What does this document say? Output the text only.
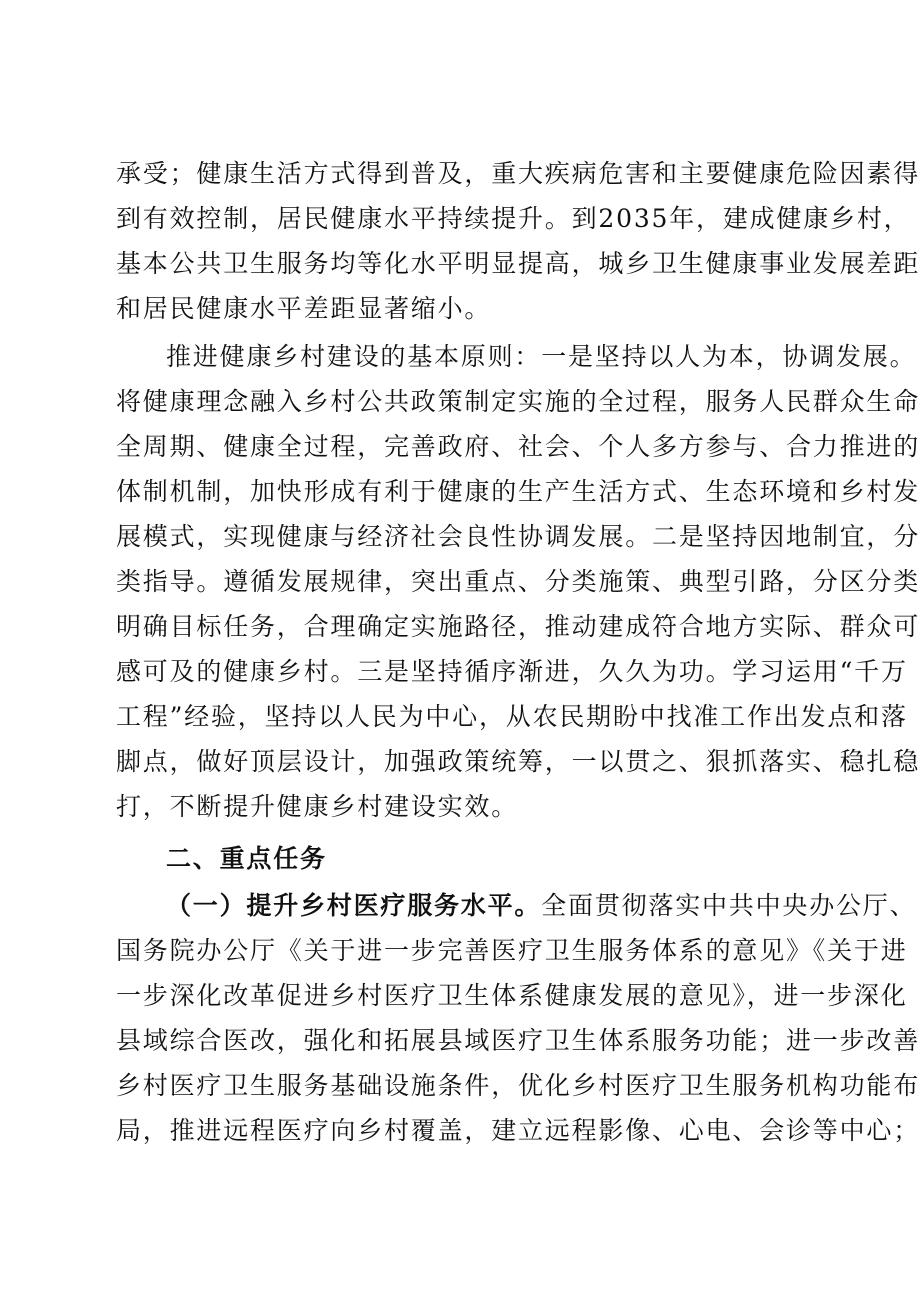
承受；健康生活方式得到普及，重大疾病危害和主要健康危险因素得
到有效控制，居民健康水平持续提升。到2035年，建成健康乡村，
基本公共卫生服务均等化水平明显提高，城乡卫生健康事业发展差距
和居民健康水平差距显著缩小。
推进健康乡村建设的基本原则：一是坚持以人为本，协调发展。
将健康理念融入乡村公共政策制定实施的全过程，服务人民群众生命
全周期、健康全过程，完善政府、社会、个人多方参与、合力推进的
体制机制，加快形成有利于健康的生产生活方式、生态环境和乡村发
展模式，实现健康与经济社会良性协调发展。二是坚持因地制宜，分
类指导。遵循发展规律，突出重点、分类施策、典型引路，分区分类
明确目标任务，合理确定实施路径，推动建成符合地方实际、群众可
感可及的健康乡村。三是坚持循序渐进，久久为功。学习运用“千万
工程”经验，坚持以人民为中心，从农民期盼中找准工作出发点和落
脚点，做好顶层设计，加强政策统筹，一以贯之、狠抓落实、稳扎稳
打，不断提升健康乡村建设实效。
二、重点任务
（一）提升乡村医疗服务水平。全面贯彻落实中共中央办公厅、
国务院办公厅《关于进一步完善医疗卫生服务体系的意见》《关于进
一步深化改革促进乡村医疗卫生体系健康发展的意见》，进一步深化
县域综合医改，强化和拓展县域医疗卫生体系服务功能；进一步改善
乡村医疗卫生服务基础设施条件，优化乡村医疗卫生服务机构功能布
局，推进远程医疗向乡村覆盖，建立远程影像、心电、会诊等中心；
